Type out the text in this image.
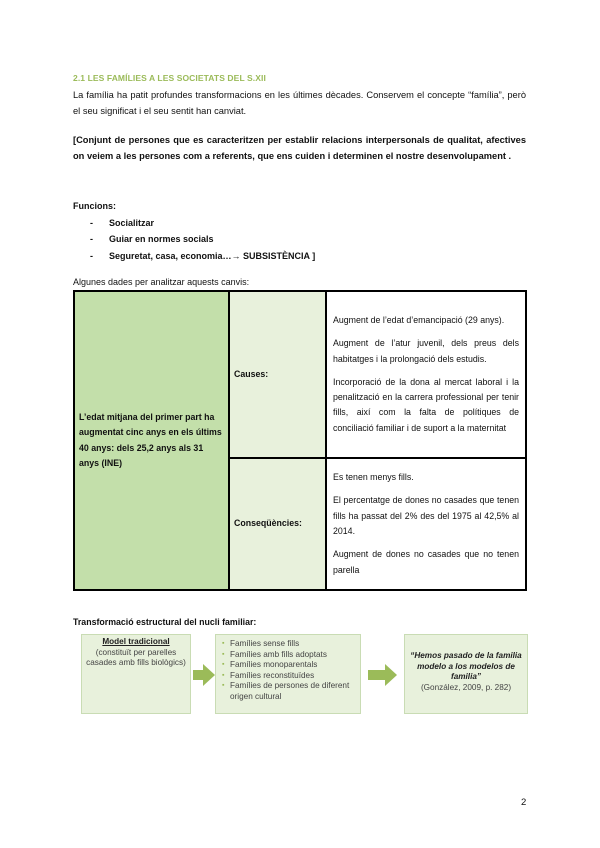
2.1 LES FAMÍLIES A LES SOCIETATS DEL S.XII
La família ha patit profundes transformacions en les últimes dècades. Conservem el concepte “família”, però el seu significat i el seu sentit han canviat.
[Conjunt de persones que es caracteritzen per establir relacions interpersonals de qualitat, afectives on veiem a les persones com a referents, que ens cuiden i determinen el nostre desenvolupament .
Funcions:
- Socialitzar
- Guiar en normes socials
- Seguretat, casa, economia…→ SUBSISTÈNCIA ]
Algunes dades per analitzar aquests canvis:
L’edat mitjana del primer part ha augmentat cinc anys en els últims 40 anys: dels 25,2 anys als 31 anys (INE)	Causes:	Augment de l’edat d’emancipació (29 anys).

Augment de l’atur juvenil, dels preus dels habitatges i la prolongació dels estudis.

Incorporació de la dona al mercat laboral i la penalització en la carrera professional per tenir fills, així com la falta de polítiques de conciliació familiar i de suport a la maternitat

	Conseqüències:	Es tenen menys fills.

El percentatge de dones no casades que tenen fills ha passat del 2% des del 1975 al 42,5% al 2014.

Augment de dones no casades que no tenen parella

Transformació estructural del nucli familiar:
Model tradicional
(constituït per parelles casades amb fills biològics)
▪ Famílies sense fills
▪ Famílies amb fills adoptats
▪ Famílies monoparentals
▪ Famílies reconstituïdes
▪ Famílies de persones de diferent origen cultural
“Hemos pasado de la familia modelo a los modelos de familia”
(González, 2009, p. 282)
2
